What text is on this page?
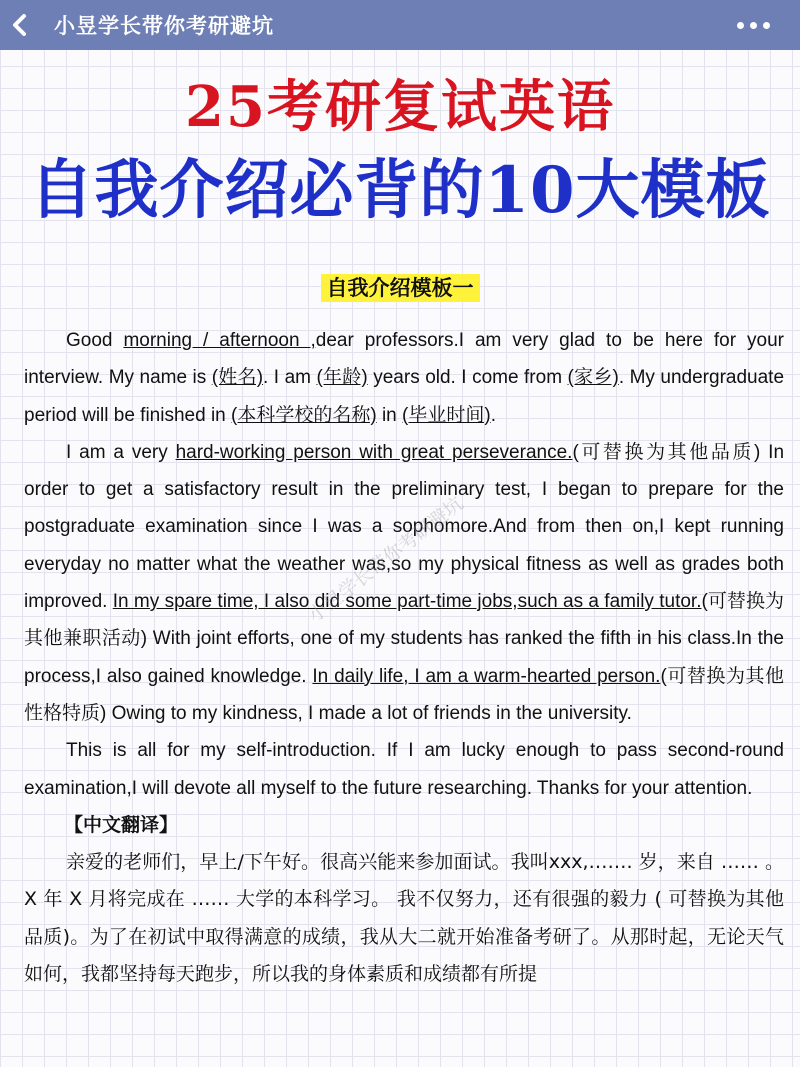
小昱学长带你考研避坑
25考研复试英语
自我介绍必背的10大模板
自我介绍模板一

Good morning / afternoon ,dear professors.I am very glad to be here for your interview. My name is (姓名). I am (年龄) years old. I come from (家乡). My undergraduate period will be finished in (本科学校的名称) in (毕业时间).

I am a very hard-working person with great perseverance.(可替换为其他品质) In order to get a satisfactory result in the preliminary test, I began to prepare for the postgraduate examination since I was a sophomore.And from then on,I kept running everyday no matter what the weather was,so my physical fitness as well as grades both improved. In my spare time, I also did some part-time jobs,such as a family tutor.(可替换为其他兼职活动) With joint efforts, one of my students has ranked the fifth in his class.In the process,I also gained knowledge. In daily life, I am a warm-hearted person.(可替换为其他性格特质) Owing to my kindness, I made a lot of friends in the university.

This is all for my self-introduction. If I am lucky enough to pass second-round examination,I will devote all myself to the future researching. Thanks for your attention.

【中文翻译】

亲爱的老师们，早上/下午好。很高兴能来参加面试。我叫xxx,……. 岁，来自 …… 。X 年 X 月将完成在 …… 大学的本科学习。 我不仅努力，还有很强的毅力 ( 可替换为其他品质)。为了在初试中取得满意的成绩，我从大二就开始准备考研了。从那时起，无论天气如何，我都坚持每天跑步，所以我的身体素质和成绩都有所提

小昱学长带你考研避坑
